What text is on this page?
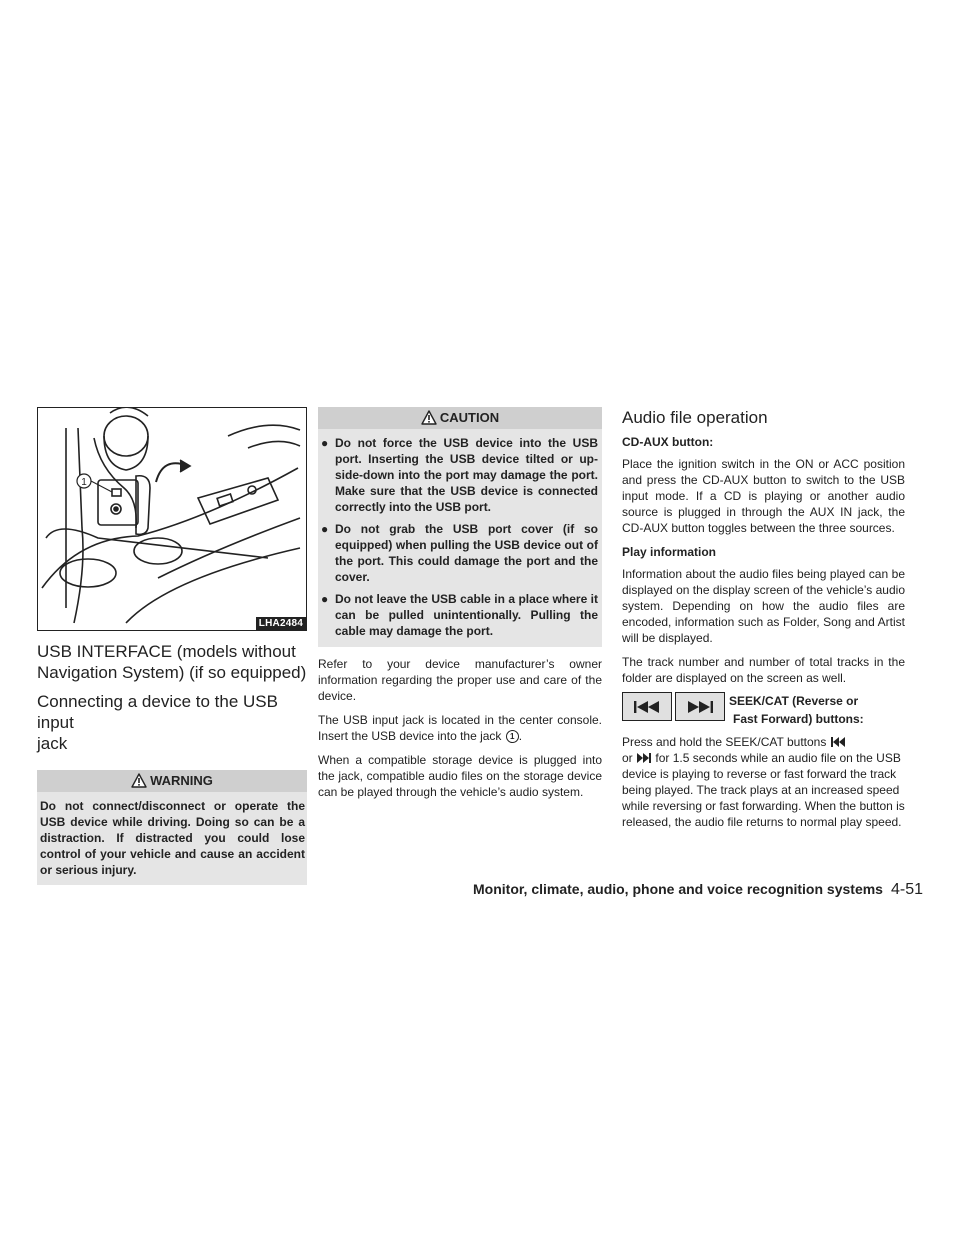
1
LHA2484
USB INTERFACE (models without
Navigation System) (if so equipped)
Connecting a device to the USB input
jack
WARNING
Do not connect/disconnect or operate the USB device while driving. Doing so can be a distraction. If distracted you could lose control of your vehicle and cause an accident or serious injury.
CAUTION
● Do not force the USB device into the USB port. Inserting the USB device tilted or up-side-down into the port may damage the port. Make sure that the USB device is connected correctly into the USB port.
● Do not grab the USB port cover (if so equipped) when pulling the USB device out of the port. This could damage the port and the cover.
● Do not leave the USB cable in a place where it can be pulled unintentionally. Pulling the cable may damage the port.

Refer to your device manufacturer’s owner information regarding the proper use and care of the device.

The USB input jack is located in the center console. Insert the USB device into the jack 1 .

When a compatible storage device is plugged into the jack, compatible audio files on the storage device can be played through the vehicle’s audio system.

Audio file operation
CD-AUX button:

Place the ignition switch in the ON or ACC position and press the CD-AUX button to switch to the USB input mode. If a CD is playing or another audio source is plugged in through the AUX IN jack, the CD-AUX button toggles between the three sources.

Play information

Information about the audio files being played can be displayed on the display screen of the vehicle’s audio system. Depending on how the audio files are encoded, information such as Folder, Song and Artist will be displayed.

The track number and number of total tracks in the folder are displayed on the screen as well.

SEEK/CAT (Reverse or
Fast Forward) buttons:

Press and hold the SEEK/CAT buttons
or for 1.5 seconds while an audio file on the USB device is playing to reverse or fast forward the track being played. The track plays at an increased speed while reversing or fast forwarding. When the button is released, the audio file returns to normal play speed.

Monitor, climate, audio, phone and voice recognition systems 4-51
